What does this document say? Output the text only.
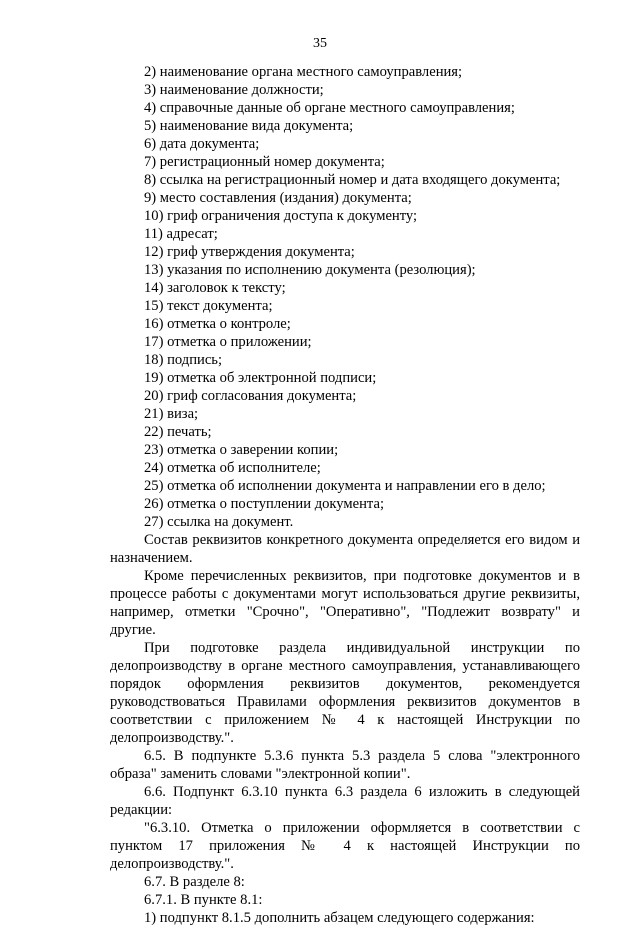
35
2) наименование органа местного самоуправления;
3) наименование должности;
4) справочные данные об органе местного самоуправления;
5) наименование вида документа;
6) дата документа;
7) регистрационный номер документа;
8) ссылка на регистрационный номер и дата входящего документа;
9) место составления (издания) документа;
10) гриф ограничения доступа к документу;
11) адресат;
12) гриф утверждения документа;
13) указания по исполнению документа (резолюция);
14) заголовок к тексту;
15) текст документа;
16) отметка о контроле;
17) отметка о приложении;
18) подпись;
19) отметка об электронной подписи;
20) гриф согласования документа;
21) виза;
22) печать;
23) отметка о заверении копии;
24) отметка об исполнителе;
25) отметка об исполнении документа и направлении его в дело;
26) отметка о поступлении документа;
27) ссылка на документ.
Состав реквизитов конкретного документа определяется его видом и назначением.
Кроме перечисленных реквизитов, при подготовке документов и в процессе работы с документами могут использоваться другие реквизиты, например, отметки "Срочно", "Оперативно", "Подлежит возврату" и другие.
При подготовке раздела индивидуальной инструкции по делопроизводству в органе местного самоуправления, устанавливающего порядок оформления реквизитов документов, рекомендуется руководствоваться Правилами оформления реквизитов документов в соответствии с приложением № 4 к настоящей Инструкции по делопроизводству.".
6.5. В подпункте 5.3.6 пункта 5.3 раздела 5 слова "электронного образа" заменить словами "электронной копии".
6.6. Подпункт 6.3.10 пункта 6.3 раздела 6 изложить в следующей редакции:
"6.3.10. Отметка о приложении оформляется в соответствии с пунктом 17 приложения № 4 к настоящей Инструкции по делопроизводству.".
6.7. В разделе 8:
6.7.1. В пункте 8.1:
1) подпункт 8.1.5 дополнить абзацем следующего содержания:
